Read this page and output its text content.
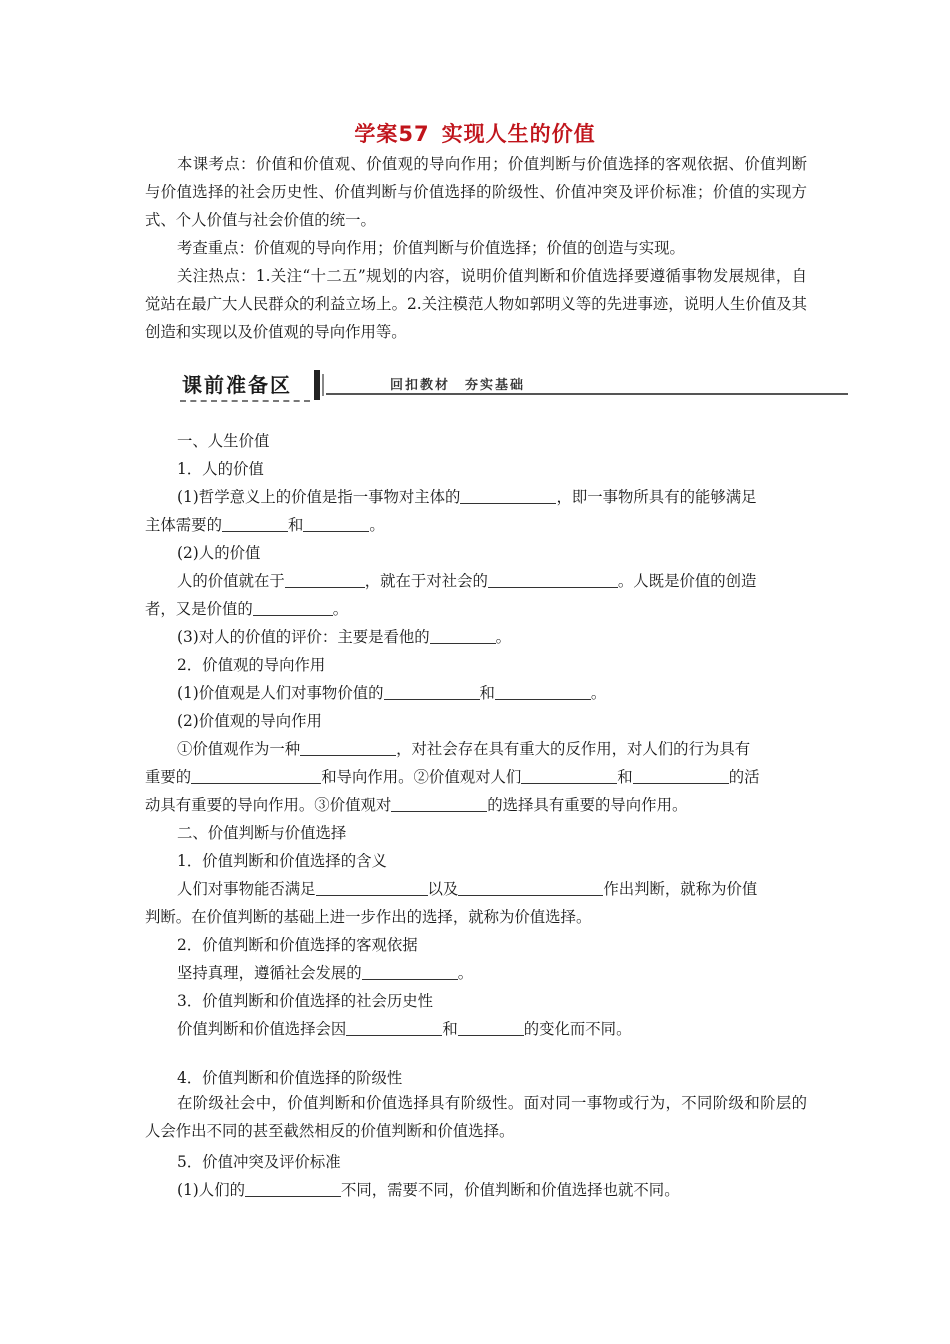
学案57 实现人生的价值
本课考点：价值和价值观、价值观的导向作用；价值判断与价值选择的客观依据、价值判断与价值选择的社会历史性、价值判断与价值选择的阶级性、价值冲突及评价标准；价值的实现方式、个人价值与社会价值的统一。
考查重点：价值观的导向作用；价值判断与价值选择；价值的创造与实现。
关注热点：1.关注“十二五”规划的内容，说明价值判断和价值选择要遵循事物发展规律，自觉站在最广大人民群众的利益立场上。2.关注模范人物如郭明义等的先进事迹，说明人生价值及其创造和实现以及价值观的导向作用等。
课前准备区	回扣教材　夯实基础
一、人生价值
1．人的价值
(1)哲学意义上的价值是指一事物对主体的	，即一事物所具有的能够满足
主体需要的	和	。
(2)人的价值
人的价值就在于	，就在于对社会的	。人既是价值的创造
者，又是价值的	。
(3)对人的价值的评价：主要是看他的	。
2．价值观的导向作用
(1)价值观是人们对事物价值的	和	。
(2)价值观的导向作用
①价值观作为一种	，对社会存在具有重大的反作用，对人们的行为具有
重要的	和导向作用。②价值观对人们	和	的活
动具有重要的导向作用。③价值观对	的选择具有重要的导向作用。
二、价值判断与价值选择
1．价值判断和价值选择的含义
人们对事物能否满足	以及	作出判断，就称为价值
判断。在价值判断的基础上进一步作出的选择，就称为价值选择。
2．价值判断和价值选择的客观依据
坚持真理，遵循社会发展的	。
3．价值判断和价值选择的社会历史性
价值判断和价值选择会因	和	的变化而不同。
4．价值判断和价值选择的阶级性
在阶级社会中，价值判断和价值选择具有阶级性。面对同一事物或行为，不同阶级和阶层的人会作出不同的甚至截然相反的价值判断和价值选择。
5．价值冲突及评价标准
(1)人们的	不同，需要不同，价值判断和价值选择也就不同。
